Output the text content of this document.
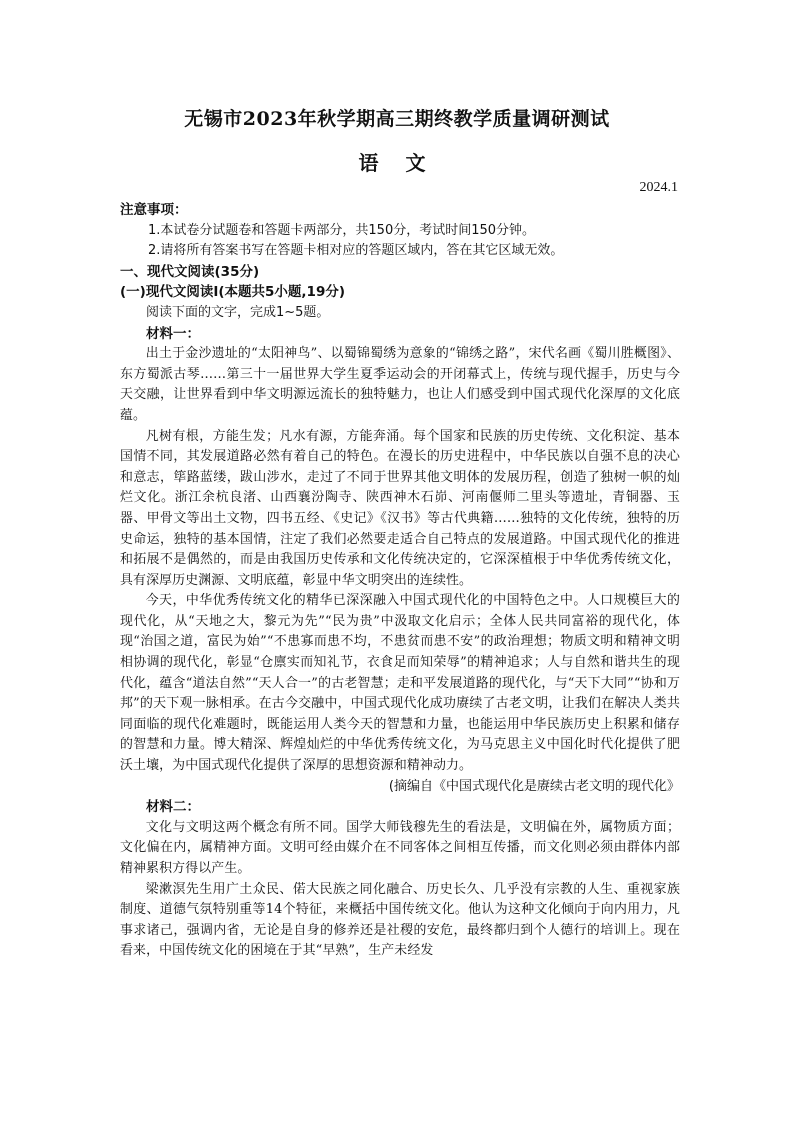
无锡市2023年秋学期高三期终教学质量调研测试
语 文
2024.1

注意事项：

1.本试卷分试题卷和答题卡两部分，共150分，考试时间150分钟。

2.请将所有答案书写在答题卡相对应的答题区域内，答在其它区域无效。

一、现代文阅读(35分)

(一)现代文阅读Ⅰ(本题共5小题,19分)

阅读下面的文字，完成1~5题。

材料一：

出土于金沙遗址的“太阳神鸟”、以蜀锦蜀绣为意象的“锦绣之路”，宋代名画《蜀川胜概图》、东方蜀派古琴……第三十一届世界大学生夏季运动会的开闭幕式上，传统与现代握手，历史与今天交融，让世界看到中华文明源远流长的独特魅力，也让人们感受到中国式现代化深厚的文化底蕴。

凡树有根，方能生发；凡水有源，方能奔涌。每个国家和民族的历史传统、文化积淀、基本国情不同，其发展道路必然有着自己的特色。在漫长的历史进程中，中华民族以自强不息的决心和意志，筚路蓝缕，跋山涉水，走过了不同于世界其他文明体的发展历程，创造了独树一帜的灿烂文化。浙江余杭良渚、山西襄汾陶寺、陕西神木石峁、河南偃师二里头等遗址，青铜器、玉器、甲骨文等出土文物，四书五经、《史记》《汉书》等古代典籍……独特的文化传统，独特的历史命运，独特的基本国情，注定了我们必然要走适合自己特点的发展道路。中国式现代化的推进和拓展不是偶然的，而是由我国历史传承和文化传统决定的，它深深植根于中华优秀传统文化，具有深厚历史渊源、文明底蕴，彰显中华文明突出的连续性。

今天，中华优秀传统文化的精华已深深融入中国式现代化的中国特色之中。人口规模巨大的现代化，从“天地之大，黎元为先”“民为贵”中汲取文化启示；全体人民共同富裕的现代化，体现“治国之道，富民为始”“不患寡而患不均，不患贫而患不安”的政治理想；物质文明和精神文明相协调的现代化，彰显“仓廪实而知礼节，衣食足而知荣辱”的精神追求；人与自然和谐共生的现代化，蕴含“道法自然”“天人合一”的古老智慧；走和平发展道路的现代化，与“天下大同”“协和万邦”的天下观一脉相承。在古今交融中，中国式现代化成功赓续了古老文明，让我们在解决人类共同面临的现代化难题时，既能运用人类今天的智慧和力量，也能运用中华民族历史上积累和储存的智慧和力量。博大精深、辉煌灿烂的中华优秀传统文化，为马克思主义中国化时代化提供了肥沃土壤，为中国式现代化提供了深厚的思想资源和精神动力。

(摘编自《中国式现代化是赓续古老文明的现代化》

材料二：

文化与文明这两个概念有所不同。国学大师钱穆先生的看法是，文明偏在外，属物质方面；文化偏在内，属精神方面。文明可经由媒介在不同客体之间相互传播，而文化则必须由群体内部精神累积方得以产生。

梁漱溟先生用广土众民、偌大民族之同化融合、历史长久、几乎没有宗教的人生、重视家族制度、道德气氛特别重等14个特征，来概括中国传统文化。他认为这种文化倾向于向内用力，凡事求诸己，强调内省，无论是自身的修养还是社稷的安危，最终都归到个人德行的培训上。现在看来，中国传统文化的困境在于其“早熟”，生产未经发
